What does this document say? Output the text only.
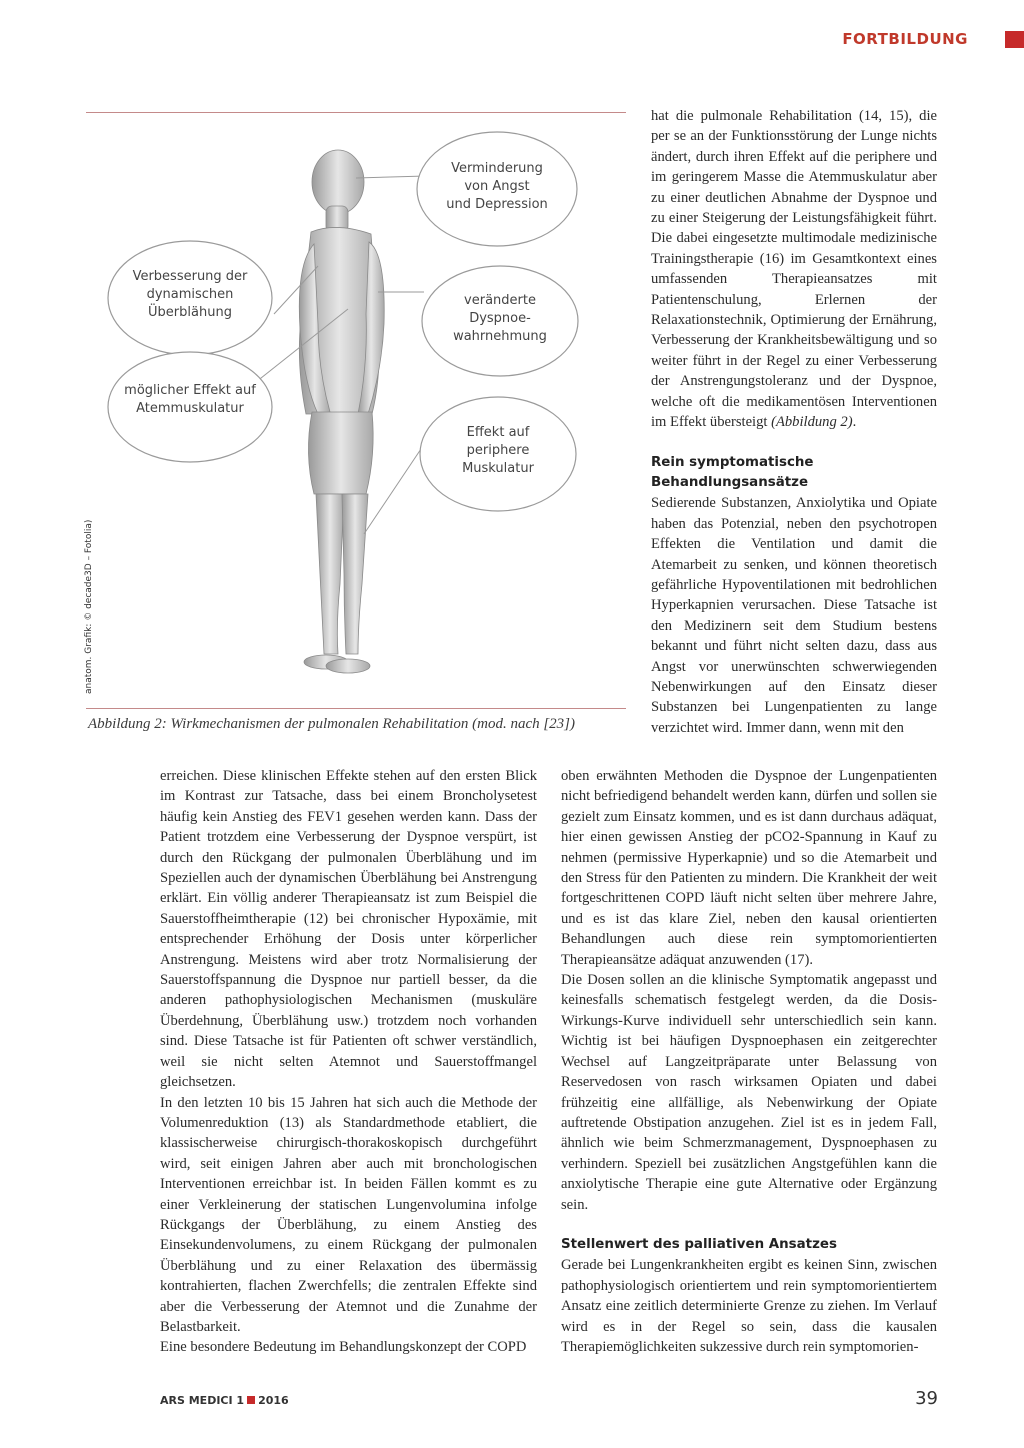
FORTBILDUNG
Verminderung von Angst und Depression
Verbesserung der dynamischen Überblähung
veränderte Dyspnoe-wahrnehmung
möglicher Effekt auf Atemmuskulatur
Effekt auf periphere Muskulatur
anatom. Grafik: © decade3D – Fotolia)
Abbildung 2: Wirkmechanismen der pulmonalen Rehabilitation (mod. nach [23])

hat die pulmonale Rehabilitation (14, 15), die per se an der Funktionsstörung der Lunge nichts ändert, durch ihren Effekt auf die periphere und im geringerem Masse die Atemmuskulatur aber zu einer deutlichen Abnahme der Dyspnoe und zu einer Steigerung der Leistungsfähigkeit führt. Die dabei eingesetzte multimodale medizinische Trainingstherapie (16) im Gesamtkontext eines umfassenden Therapieansatzes mit Patientenschulung, Erlernen der Relaxationstechnik, Optimierung der Ernährung, Verbesserung der Krankheitsbewältigung und so weiter führt in der Regel zu einer Verbesserung der Anstrengungstoleranz und der Dyspnoe, welche oft die medikamentösen Interventionen im Effekt übersteigt (Abbildung 2).

Rein symptomatische Behandlungsansätze

Sedierende Substanzen, Anxiolytika und Opiate haben das Potenzial, neben den psychotropen Effekten die Ventilation und damit die Atemarbeit zu senken, und können theoretisch gefährliche Hypoventilationen mit bedrohlichen Hyperkapnien verursachen. Diese Tatsache ist den Medizinern seit dem Studium bestens bekannt und führt nicht selten dazu, dass aus Angst vor unerwünschten schwerwiegenden Nebenwirkungen auf den Einsatz dieser Substanzen bei Lungenpatienten zu lange verzichtet wird. Immer dann, wenn mit den

erreichen. Diese klinischen Effekte stehen auf den ersten Blick im Kontrast zur Tatsache, dass bei einem Broncholysetest häufig kein Anstieg des FEV1 gesehen werden kann. Dass der Patient trotzdem eine Verbesserung der Dyspnoe verspürt, ist durch den Rückgang der pulmonalen Überblähung und im Speziellen auch der dynamischen Überblähung bei Anstrengung erklärt. Ein völlig anderer Therapieansatz ist zum Beispiel die Sauerstoffheimtherapie (12) bei chronischer Hypoxämie, mit entsprechender Erhöhung der Dosis unter körperlicher Anstrengung. Meistens wird aber trotz Normalisierung der Sauerstoffspannung die Dyspnoe nur partiell besser, da die anderen pathophysiologischen Mechanismen (muskuläre Überdehnung, Überblähung usw.) trotzdem noch vorhanden sind. Diese Tatsache ist für Patienten oft schwer verständlich, weil sie nicht selten Atemnot und Sauerstoffmangel gleichsetzen.

In den letzten 10 bis 15 Jahren hat sich auch die Methode der Volumenreduktion (13) als Standardmethode etabliert, die klassischerweise chirurgisch-thorakoskopisch durchgeführt wird, seit einigen Jahren aber auch mit bronchologischen Interventionen erreichbar ist. In beiden Fällen kommt es zu einer Verkleinerung der statischen Lungenvolumina infolge Rückgangs der Überblähung, zu einem Anstieg des Einsekundenvolumens, zu einem Rückgang der pulmonalen Überblähung und zu einer Relaxation des übermässig kontrahierten, flachen Zwerchfells; die zentralen Effekte sind aber die Verbesserung der Atemnot und die Zunahme der Belastbarkeit.

Eine besondere Bedeutung im Behandlungskonzept der COPD

oben erwähnten Methoden die Dyspnoe der Lungenpatienten nicht befriedigend behandelt werden kann, dürfen und sollen sie gezielt zum Einsatz kommen, und es ist dann durchaus adäquat, hier einen gewissen Anstieg der pCO2-Spannung in Kauf zu nehmen (permissive Hyperkapnie) und so die Atemarbeit und den Stress für den Patienten zu mindern. Die Krankheit der weit fortgeschrittenen COPD läuft nicht selten über mehrere Jahre, und es ist das klare Ziel, neben den kausal orientierten Behandlungen auch diese rein symptomorientierten Therapieansätze adäquat anzuwenden (17).

Die Dosen sollen an die klinische Symptomatik angepasst und keinesfalls schematisch festgelegt werden, da die Dosis-Wirkungs-Kurve individuell sehr unterschiedlich sein kann. Wichtig ist bei häufigen Dyspnoephasen ein zeitgerechter Wechsel auf Langzeitpräparate unter Belassung von Reservedosen von rasch wirksamen Opiaten und dabei frühzeitig eine allfällige, als Nebenwirkung der Opiate auftretende Obstipation anzugehen. Ziel ist es in jedem Fall, ähnlich wie beim Schmerzmanagement, Dyspnoephasen zu verhindern. Speziell bei zusätzlichen Angstgefühlen kann die anxiolytische Therapie eine gute Alternative oder Ergänzung sein.

Stellenwert des palliativen Ansatzes

Gerade bei Lungenkrankheiten ergibt es keinen Sinn, zwischen pathophysiologisch orientiertem und rein symptomorientiertem Ansatz eine zeitlich determinierte Grenze zu ziehen. Im Verlauf wird es in der Regel so sein, dass die kausalen Therapiemöglichkeiten sukzessive durch rein symptomorien-

ARS MEDICI 1 2016	39
